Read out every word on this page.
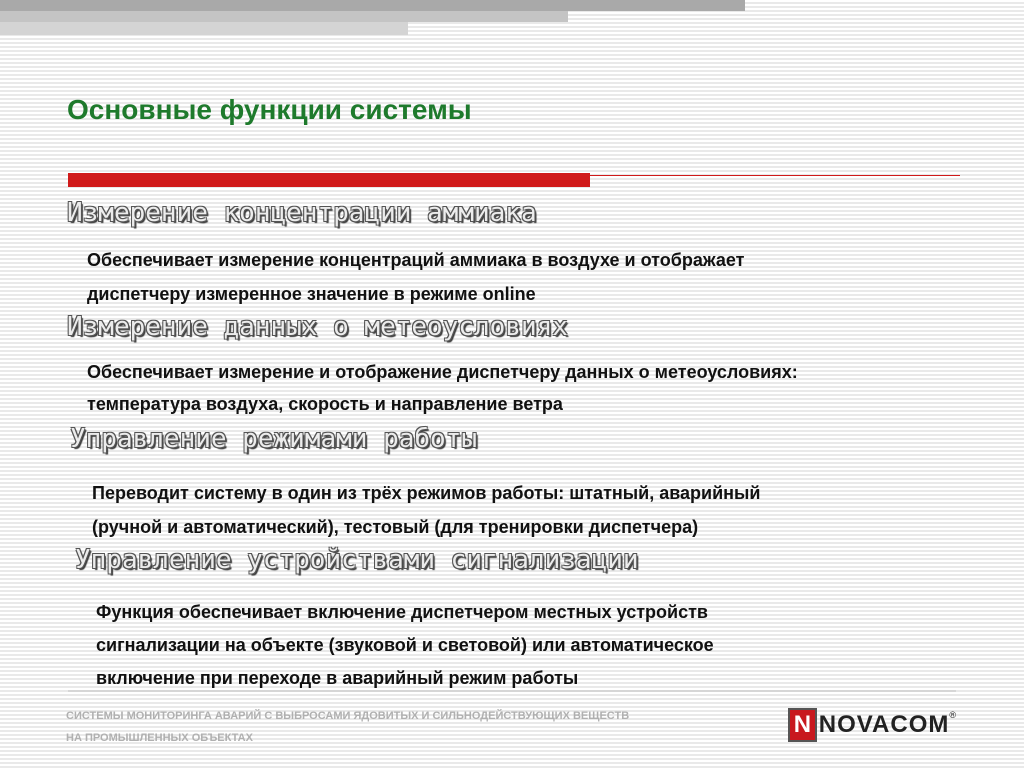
Основные функции системы
Измерение концентрации аммиака
Обеспечивает измерение концентраций аммиака в воздухе и отображает
диспетчеру измеренное значение в режиме online
Измерение данных о метеоусловиях
Обеспечивает измерение и отображение диспетчеру данных о метеоусловиях:
температура воздуха, скорость и направление ветра
Управление режимами работы
Переводит систему в один из трёх режимов работы: штатный, аварийный
(ручной и автоматический), тестовый (для тренировки диспетчера)
Управление устройствами сигнализации
Функция обеспечивает включение диспетчером местных устройств
сигнализации на объекте (звуковой и световой) или автоматическое
включение при переходе в аварийный режим работы
СИСТЕМЫ МОНИТОРИНГА АВАРИЙ С ВЫБРОСАМИ ЯДОВИТЫХ И СИЛЬНОДЕЙСТВУЮЩИХ ВЕЩЕСТВ
НА ПРОМЫШЛЕННЫХ ОБЪЕКТАХ	N NOVACOM ®
